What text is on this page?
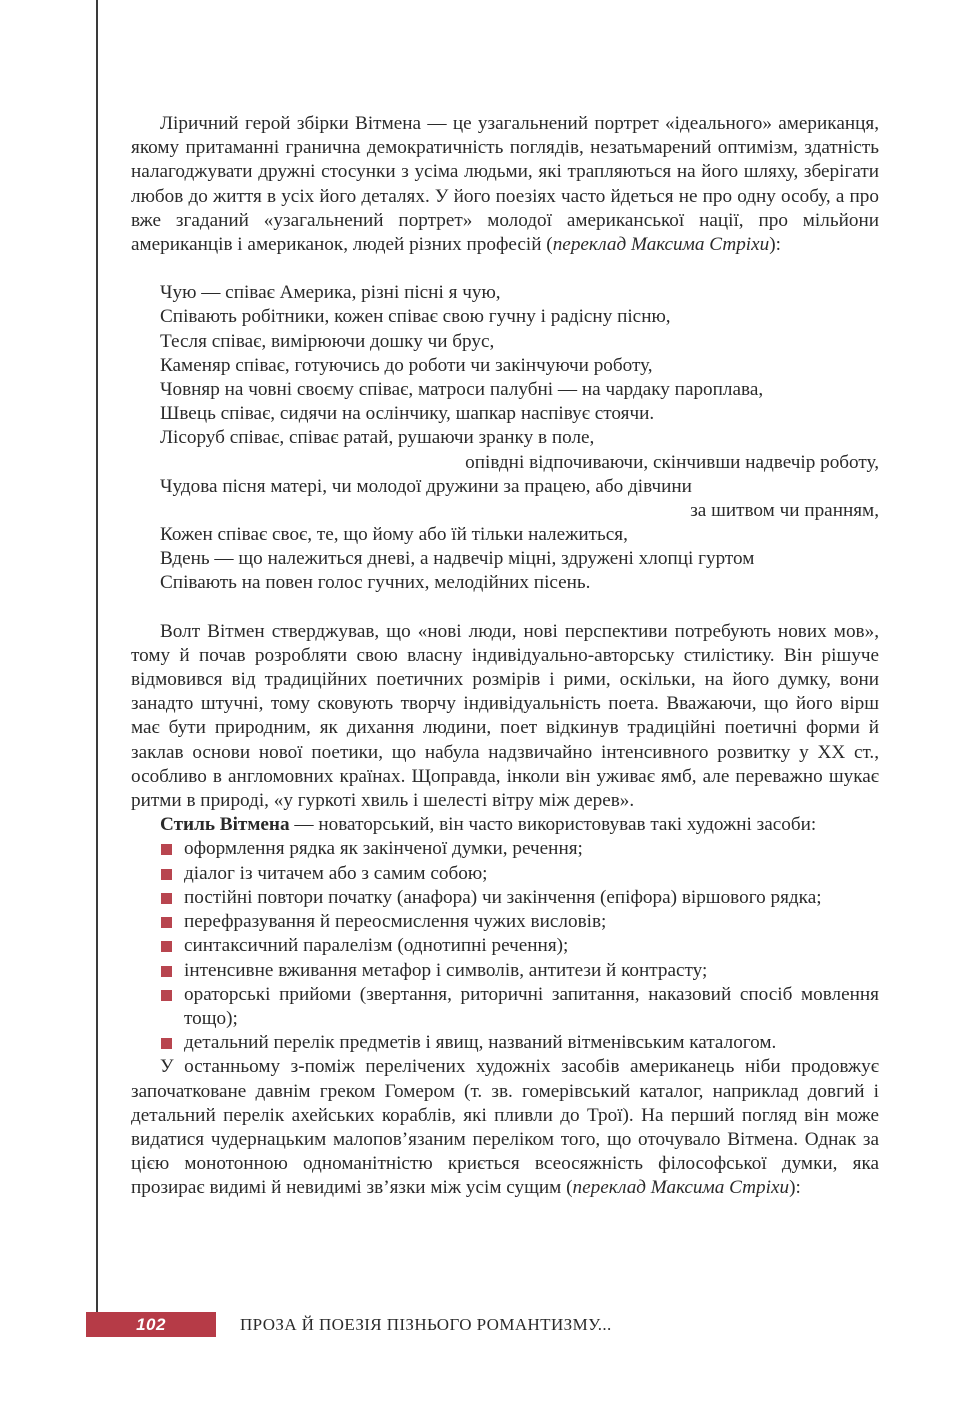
Ліричний герой збірки Вітмена — це узагальнений портрет «ідеального» американця, якому притаманні гранична демократичність поглядів, незатьмарений оптимізм, здатність налагоджувати дружні стосунки з усіма людьми, які трапляються на його шляху, зберігати любов до життя в усіх його деталях. У його поезіях часто йдеться не про одну особу, а про вже згаданий «узагальнений портрет» молодої американської нації, про мільйони американців і американок, людей різних професій (переклад Максима Стріхи):

Чую — співає Америка, різні пісні я чую,
Співають робітники, кожен співає свою гучну і радісну пісню,
Тесля співає, вимірюючи дошку чи брус,
Каменяр співає, готуючись до роботи чи закінчуючи роботу,
Човняр на човні своєму співає, матроси палубні — на чардаку пароплава,
Швець співає, сидячи на ослінчику, шапкар наспівує стоячи.
Лісоруб співає, співає ратай, рушаючи зранку в поле,
опівдні відпочиваючи, скінчивши надвечір роботу,
Чудова пісня матері, чи молодої дружини за працею, або дівчини
за шитвом чи пранням,
Кожен співає своє, те, що йому або їй тільки належиться,
Вдень — що належиться дневі, а надвечір міцні, здружені хлопці гуртом
Співають на повен голос гучних, мелодійних пісень.

Волт Вітмен стверджував, що «нові люди, нові перспективи потребують нових мов», тому й почав розробляти свою власну індивідуально-авторську стилістику. Він рішуче відмовився від традиційних поетичних розмірів і рими, оскільки, на його думку, вони занадто штучні, тому сковують творчу індивідуальність поета. Вважаючи, що його вірш має бути природним, як дихання людини, поет відкинув традиційні поетичні форми й заклав основи нової поетики, що набула надзвичайно інтенсивного розвитку у XX ст., особливо в англомовних країнах. Щоправда, інколи він уживає ямб, але переважно шукає ритми в природі, «у гуркоті хвиль і шелесті вітру між дерев».

Стиль Вітмена — новаторський, він часто використовував такі художні засоби:

оформлення рядка як закінченої думки, речення;
діалог із читачем або з самим собою;
постійні повтори початку (анафора) чи закінчення (епіфора) віршового рядка;
перефразування й переосмислення чужих висловів;
синтаксичний паралелізм (однотипні речення);
інтенсивне вживання метафор і символів, антитези й контрасту;
ораторські прийоми (звертання, риторичні запитання, наказовий спосіб мовлення тощо);
детальний перелік предметів і явищ, названий вітменівським каталогом.

У останньому з-поміж перелічених художніх засобів американець ніби продовжує започатковане давнім греком Гомером (т. зв. гомерівський каталог, наприклад довгий і детальний перелік ахейських кораблів, які пливли до Трої). На перший погляд він може видатися чудернацьким малопов’язаним переліком того, що оточувало Вітмена. Однак за цією монотонною одноманітністю криється всеосяжність філософської думки, яка прозирає видимі й невидимі зв’язки між усім сущим (переклад Максима Стріхи):

102	ПРОЗА Й ПОЕЗІЯ ПІЗНЬОГО РОМАНТИЗМУ...
